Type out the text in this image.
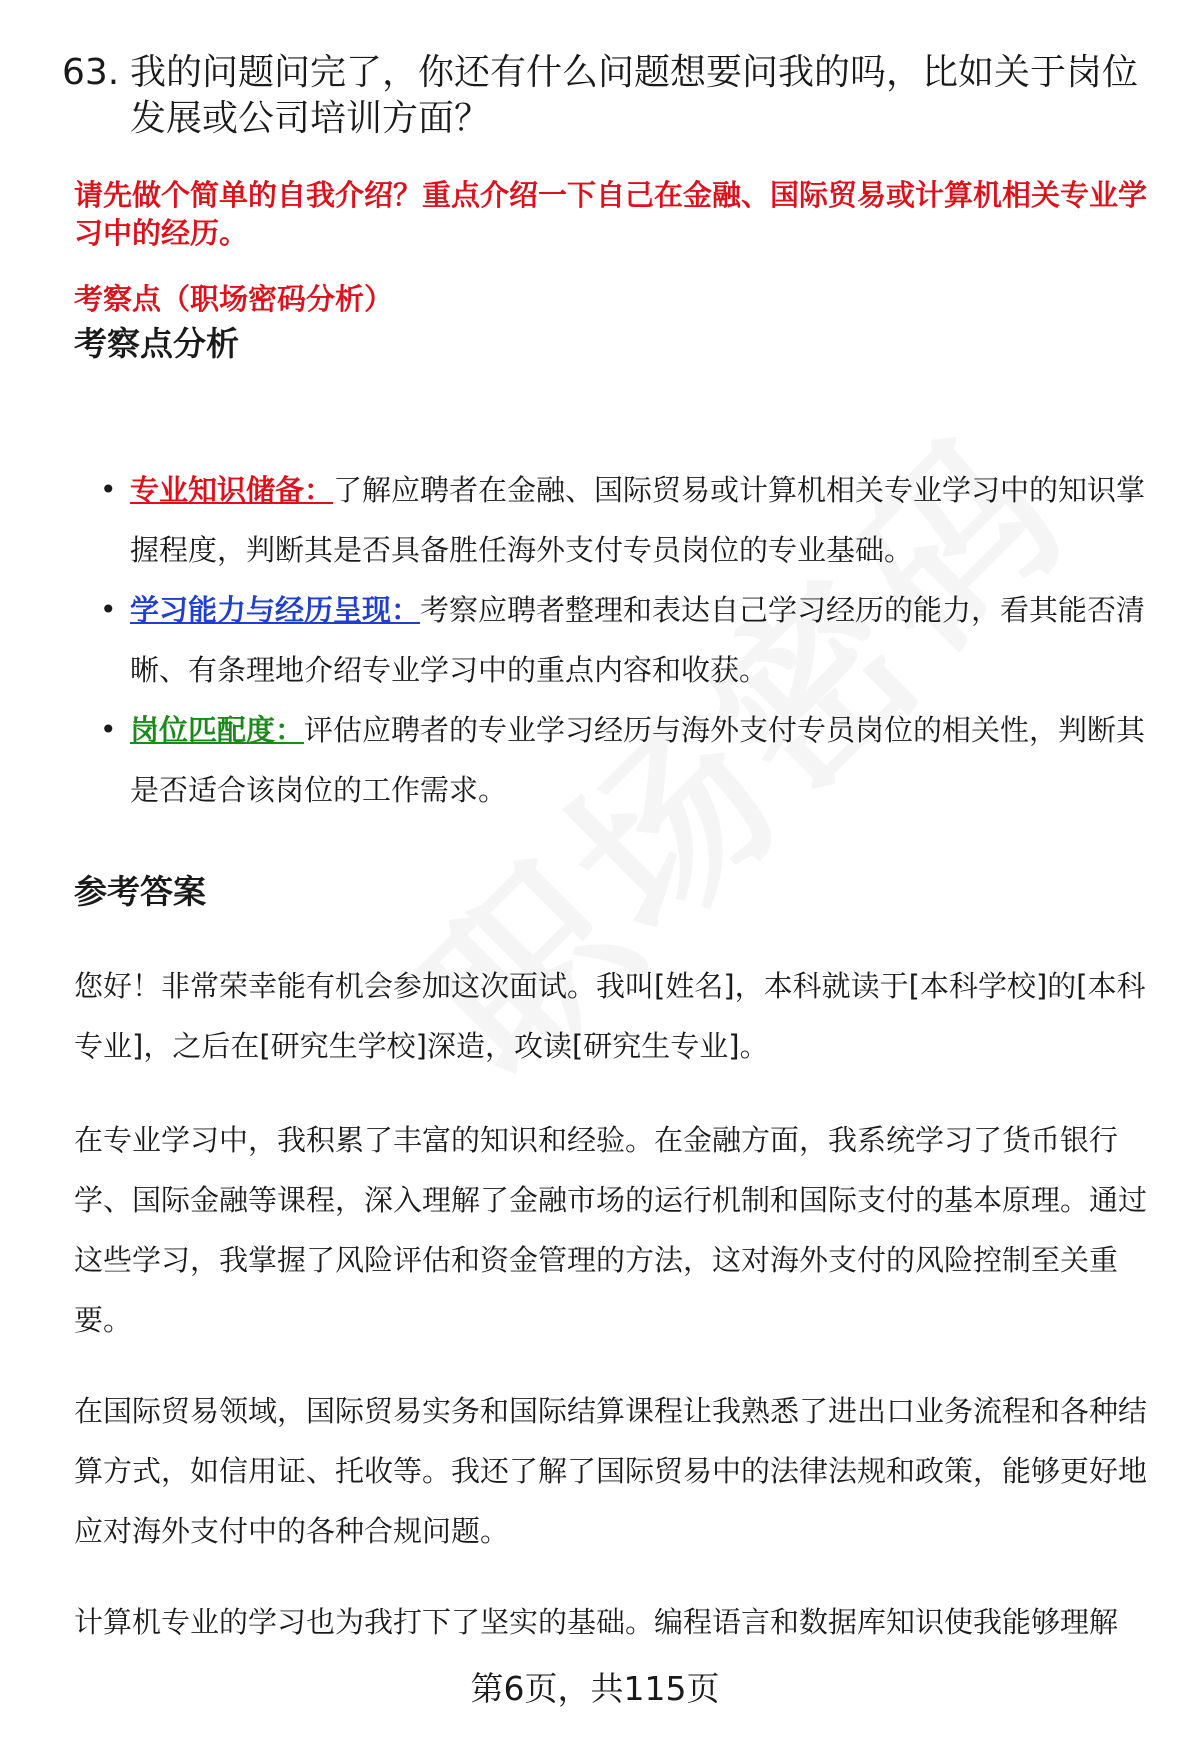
63. 我的问题问完了，你还有什么问题想要问我的吗，比如关于岗位发展或公司培训方面？
请先做个简单的自我介绍？重点介绍一下自己在金融、国际贸易或计算机相关专业学习中的经历。
考察点（职场密码分析）
考察点分析
• 专业知识储备：了解应聘者在金融、国际贸易或计算机相关专业学习中的知识掌握程度，判断其是否具备胜任海外支付专员岗位的专业基础。
• 学习能力与经历呈现：考察应聘者整理和表达自己学习经历的能力，看其能否清晰、有条理地介绍专业学习中的重点内容和收获。
• 岗位匹配度：评估应聘者的专业学习经历与海外支付专员岗位的相关性，判断其是否适合该岗位的工作需求。
参考答案

您好！非常荣幸能有机会参加这次面试。我叫[姓名]，本科就读于[本科学校]的[本科专业]，之后在[研究生学校]深造，攻读[研究生专业]。

在专业学习中，我积累了丰富的知识和经验。在金融方面，我系统学习了货币银行学、国际金融等课程，深入理解了金融市场的运行机制和国际支付的基本原理。通过这些学习，我掌握了风险评估和资金管理的方法，这对海外支付的风险控制至关重要。

在国际贸易领域，国际贸易实务和国际结算课程让我熟悉了进出口业务流程和各种结算方式，如信用证、托收等。我还了解了国际贸易中的法律法规和政策，能够更好地应对海外支付中的各种合规问题。

计算机专业的学习也为我打下了坚实的基础。编程语言和数据库知识使我能够理解

第6页，共115页
